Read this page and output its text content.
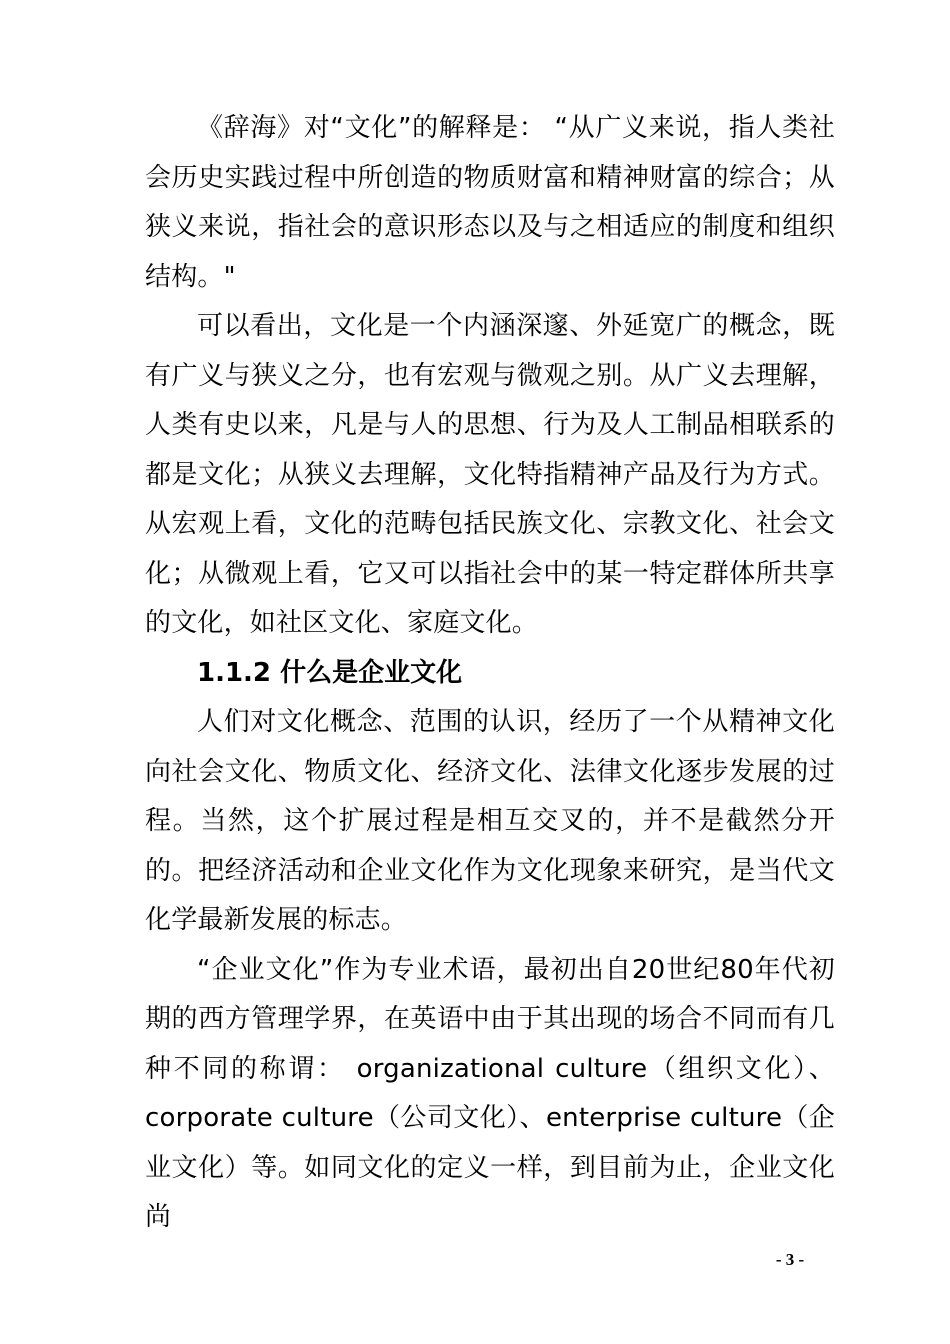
《辞海》对“文化”的解释是： “从广义来说，指人类社会历史实践过程中所创造的物质财富和精神财富的综合；从狭义来说，指社会的意识形态以及与之相适应的制度和组织结构。"

可以看出，文化是一个内涵深邃、外延宽广的概念，既有广义与狭义之分，也有宏观与微观之别。从广义去理解，人类有史以来，凡是与人的思想、行为及人工制品相联系的都是文化；从狭义去理解，文化特指精神产品及行为方式。从宏观上看，文化的范畴包括民族文化、宗教文化、社会文化；从微观上看，它又可以指社会中的某一特定群体所共享的文化，如社区文化、家庭文化。

1.1.2 什么是企业文化

人们对文化概念、范围的认识，经历了一个从精神文化向社会文化、物质文化、经济文化、法律文化逐步发展的过程。当然，这个扩展过程是相互交叉的，并不是截然分开的。把经济活动和企业文化作为文化现象来研究，是当代文化学最新发展的标志。

“企业文化”作为专业术语，最初出自20世纪80年代初期的西方管理学界，在英语中由于其出现的场合不同而有几种不同的称谓： organizational culture（组织文化）、corporate culture（公司文化）、enterprise culture（企业文化）等。如同文化的定义一样，到目前为止，企业文化尚

- 3 -
